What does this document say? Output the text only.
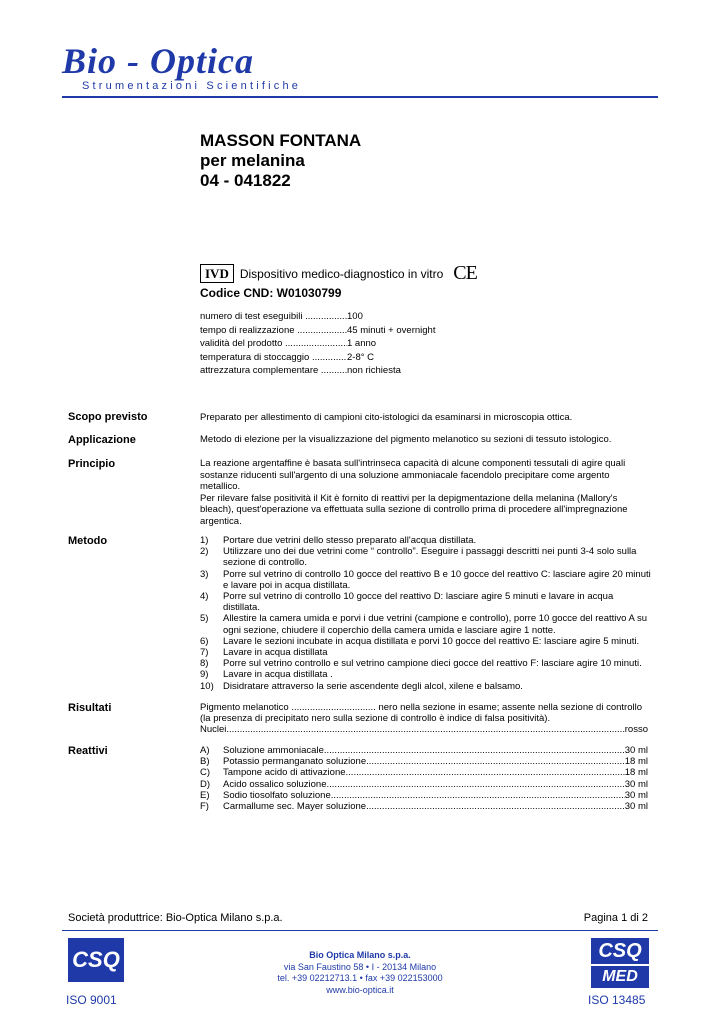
Bio - Optica
Strumentazioni Scientifiche
MASSON FONTANA
per melanina
04 - 041822
IVD Dispositivo medico-diagnostico in vitro CE
Codice CND: W01030799
numero di test eseguibili .....	100
tempo di realizzazione .....	45 minuti + overnight
validità del prodotto .....	1 anno
temperatura di stoccaggio .....	2-8° C
attrezzatura complementare .....	non richiesta
Scopo previsto	Preparato per allestimento di campioni cito-istologici da esaminarsi in microscopia ottica.
Applicazione	Metodo di elezione per la visualizzazione del pigmento melanotico su sezioni di tessuto istologico.
Principio	La reazione argentaffine è basata sull'intrinseca capacità di alcune componenti tessutali di agire quali sostanze riducenti sull'argento di una soluzione ammoniacale facendolo precipitare come argento metallico.
Per rilevare false positività il Kit è fornito di reattivi per la depigmentazione della melanina (Mallory's bleach), quest'operazione va effettuata sulla sezione di controllo prima di procedere all'impregnazione argentica.
Metodo	1)	Portare due vetrini dello stesso preparato all'acqua distillata.
2)	Utilizzare uno dei due vetrini come “ controllo”. Eseguire i passaggi descritti nei punti 3-4 solo sulla sezione di controllo.
3)	Porre sul vetrino di controllo 10 gocce del reattivo B e 10 gocce del reattivo C: lasciare agire 20 minuti e lavare poi in acqua distillata.
4)	Porre sul vetrino di controllo 10 gocce del reattivo D: lasciare agire 5 minuti e lavare in acqua distillata.
5)	Allestire la camera umida e porvi i due vetrini (campione e controllo), porre 10 gocce del reattivo A su ogni sezione, chiudere il coperchio della camera umida e lasciare agire 1 notte.
6)	Lavare le sezioni incubate in acqua distillata e porvi 10 gocce del reattivo E: lasciare agire 5 minuti.
7)	Lavare in acqua distillata
8)	Porre sul vetrino controllo e sul vetrino campione dieci gocce del reattivo F: lasciare agire 10 minuti.
9)	Lavare in acqua distillata .
10) Disidratare attraverso la serie ascendente degli alcol, xilene e balsamo.
Risultati	Pigmento melanotico ................................ nero nella sezione in esame; assente nella sezione di controllo
(la presenza di precipitato nero sulla sezione di controllo è indice di falsa positività).
Nuclei .....	rosso
Reattivi	A)	Soluzione ammoniacale .....	30 ml
B)	Potassio permanganato soluzione .....	18 ml
C)	Tampone acido di attivazione .....	18 ml
D)	Acido ossalico soluzione .....	30 ml
E)	Sodio tiosolfato soluzione .....	30 ml
F)	Carmallume sec. Mayer soluzione .....	30 ml
Società produttrice: Bio-Optica Milano s.p.a.	Pagina 1 di 2
CSQ
ISO 9001
Bio Optica Milano s.p.a.
via San Faustino 58 • I - 20134 Milano
tel. +39 02212713.1 • fax +39 022153000
www.bio-optica.it
CSQ
MED
ISO 13485
